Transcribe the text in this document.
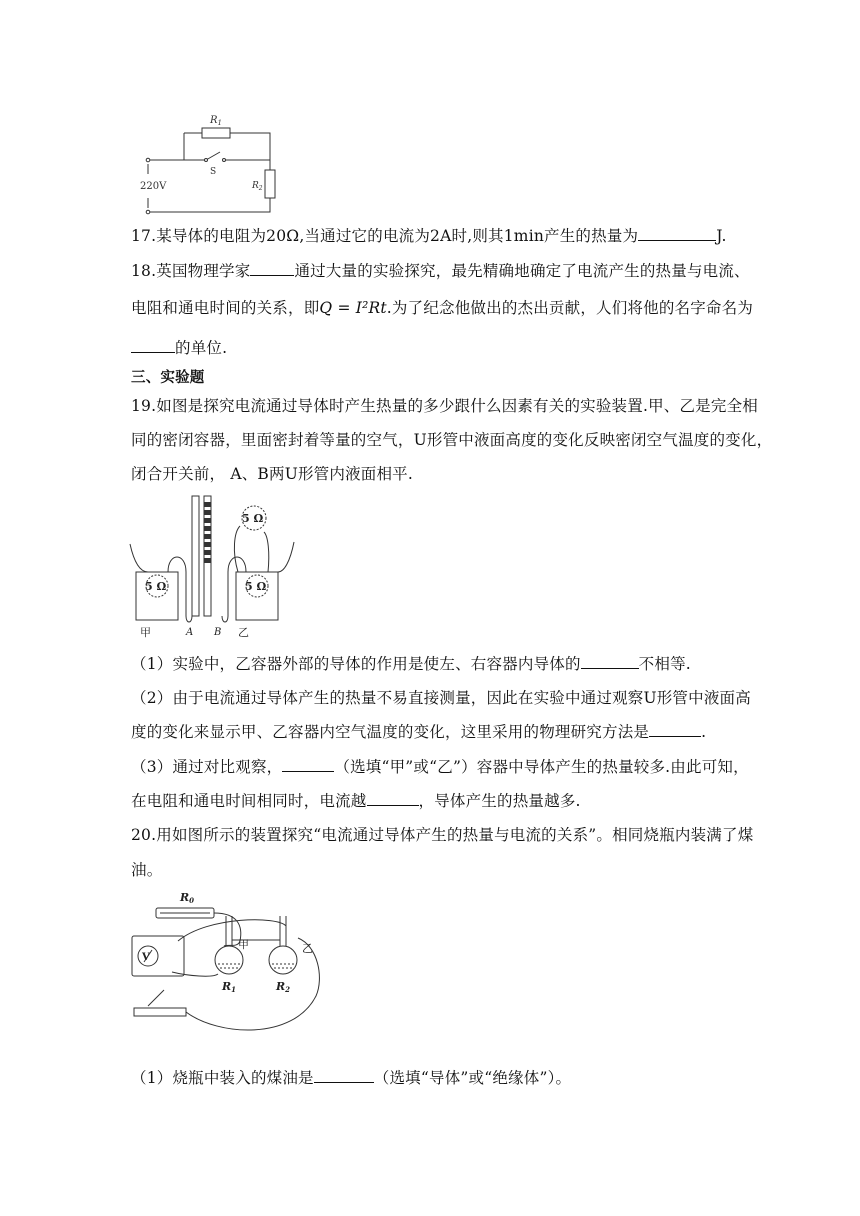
$R_1$
S
220V	$R_2$
17.某导体的电阻为20Ω,当通过它的电流为2A时,则其1min产生的热量为	J.
18.英国物理学家	通过大量的实验探究，最先精确地确定了电流产生的热量与电流、
电阻和通电时间的关系，即Q = I²Rt.为了纪念他做出的杰出贡献，人们将他的名字命名为
的单位.
三、实验题
19.如图是探究电流通过导体时产生热量的多少跟什么因素有关的实验装置.甲、乙是完全相
同的密闭容器，里面密封着等量的空气，U形管中液面高度的变化反映密闭空气温度的变化，
闭合开关前， A、B两U形管内液面相平.
5 Ω	5 Ω
5 Ω
甲	A B 乙
（1）实验中，乙容器外部的导体的作用是使左、右容器内导体的	不相等.
（2）由于电流通过导体产生的热量不易直接测量，因此在实验中通过观察U形管中液面高
度的变化来显示甲、乙容器内空气温度的变化，这里采用的物理研究方法是	.
（3）通过对比观察，	（选填“甲”或“乙”）容器中导体产生的热量较多.由此可知，
在电阻和通电时间相同时，电流越	，导体产生的热量越多.
20.用如图所示的装置探究“电流通过导体产生的热量与电流的关系”。相同烧瓶内装满了煤
油。
R0
V
甲	乙
R1	R2
（1）烧瓶中装入的煤油是	（选填“导体”或“绝缘体”）。
